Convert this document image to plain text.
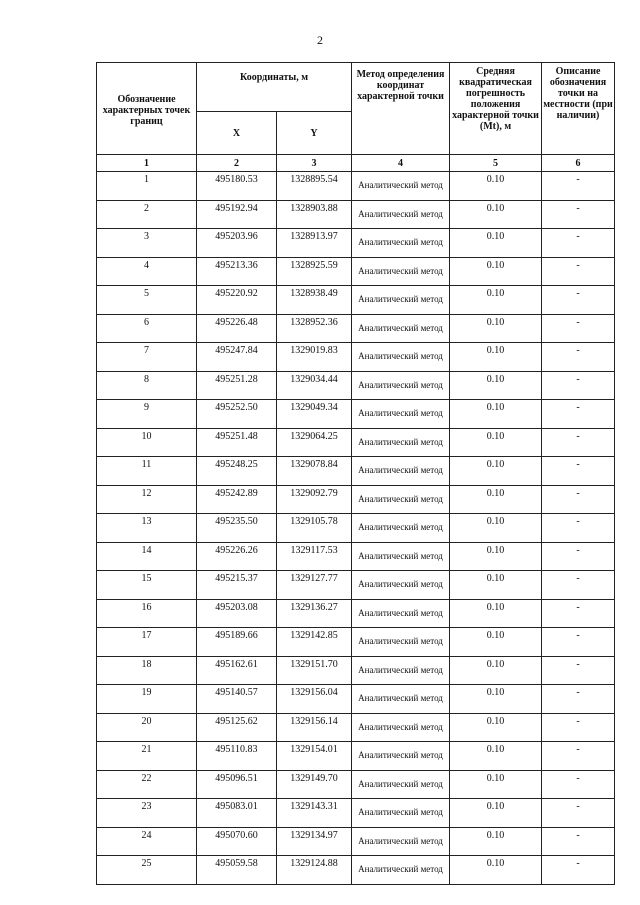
2
Обозначение характерных точек границ	Координаты, м		Метод определения координат характерной точки	Средняя квадратическая погрешность положения характерной точки (Mt), м	Описание обозначения точки на местности (при наличии)
	X	Y			
1	2	3	4	5	6
1	495180.53	1328895.54	Аналитический метод	0.10	-
2	495192.94	1328903.88	Аналитический метод	0.10	-
3	495203.96	1328913.97	Аналитический метод	0.10	-
4	495213.36	1328925.59	Аналитический метод	0.10	-
5	495220.92	1328938.49	Аналитический метод	0.10	-
6	495226.48	1328952.36	Аналитический метод	0.10	-
7	495247.84	1329019.83	Аналитический метод	0.10	-
8	495251.28	1329034.44	Аналитический метод	0.10	-
9	495252.50	1329049.34	Аналитический метод	0.10	-
10	495251.48	1329064.25	Аналитический метод	0.10	-
11	495248.25	1329078.84	Аналитический метод	0.10	-
12	495242.89	1329092.79	Аналитический метод	0.10	-
13	495235.50	1329105.78	Аналитический метод	0.10	-
14	495226.26	1329117.53	Аналитический метод	0.10	-
15	495215.37	1329127.77	Аналитический метод	0.10	-
16	495203.08	1329136.27	Аналитический метод	0.10	-
17	495189.66	1329142.85	Аналитический метод	0.10	-
18	495162.61	1329151.70	Аналитический метод	0.10	-
19	495140.57	1329156.04	Аналитический метод	0.10	-
20	495125.62	1329156.14	Аналитический метод	0.10	-
21	495110.83	1329154.01	Аналитический метод	0.10	-
22	495096.51	1329149.70	Аналитический метод	0.10	-
23	495083.01	1329143.31	Аналитический метод	0.10	-
24	495070.60	1329134.97	Аналитический метод	0.10	-
25	495059.58	1329124.88	Аналитический метод	0.10	-
